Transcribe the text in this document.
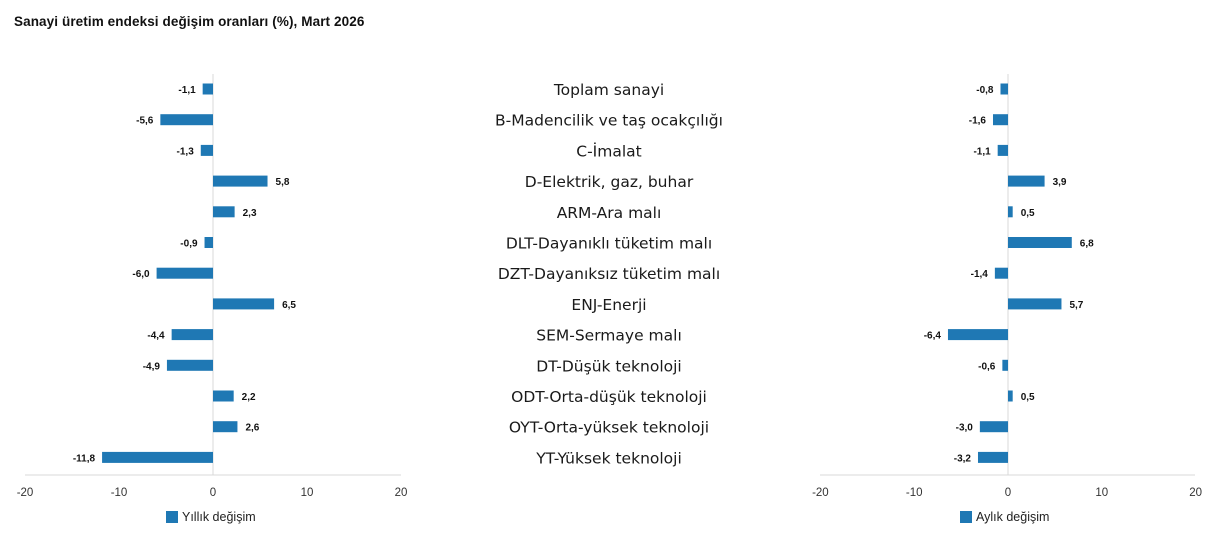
Sanayi üretim endeksi değişim oranları (%), Mart 2026
Toplam sanayi
B-Madencilik ve taş ocakçılığı
C-İmalat
D-Elektrik, gaz, buhar
ARM-Ara malı
DLT-Dayanıklı tüketim malı
DZT-Dayanıksız tüketim malı
ENJ-Enerji
SEM-Sermaye malı
DT-Düşük teknoloji
ODT-Orta-düşük teknoloji
OYT-Orta-yüksek teknoloji
YT-Yüksek teknoloji
-1,1
-5,6
-1,3
5,8
2,3
-0,9
-6,0
6,5
-4,4
-4,9
2,2
2,6
-11,8
-20	-10	0	10	20
Yıllık değişim
-0,8
-1,6
-1,1
3,9
0,5
6,8
-1,4
5,7
-6,4
-0,6
0,5
-3,0
-3,2
-20	-10	0	10	20
Aylık değişim
